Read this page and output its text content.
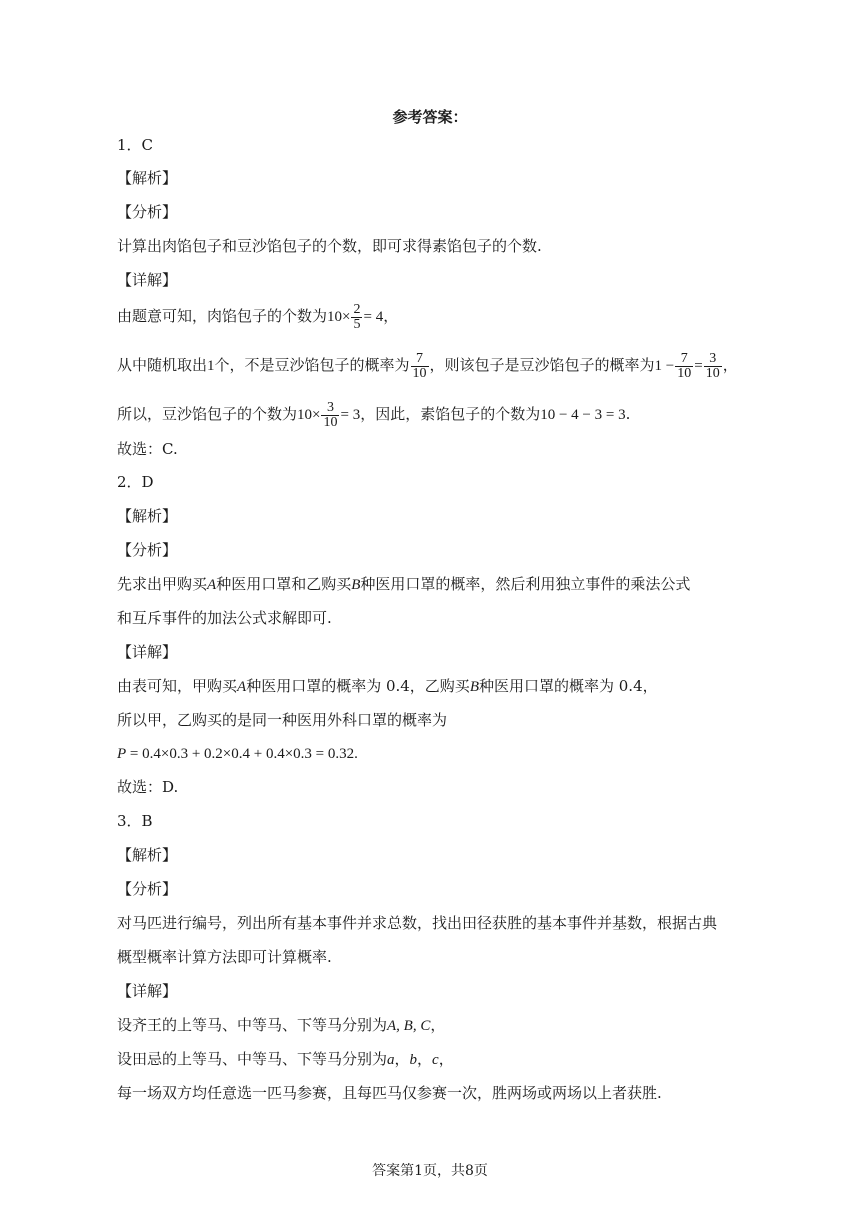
参考答案：
1．C
【解析】
【分析】
计算出肉馅包子和豆沙馅包子的个数，即可求得素馅包子的个数.
【详解】
由题意可知，肉馅包子的个数为$10\times \frac{2}{5} = 4$，
从中随机取出1个，不是豆沙馅包子的概率为 $\frac{7}{10}$ ，则该包子是豆沙馅包子的概率为$1 - \frac{7}{10} = \frac{3}{10}$ ，
所以，豆沙馅包子的个数为$10\times \frac{3}{10} = 3$，因此，素馅包子的个数为10 − 4 − 3 = 3.
故选：C.
2．D
【解析】
【分析】
先求出甲购买A种医用口罩和乙购买B种医用口罩的概率，然后利用独立事件的乘法公式
和互斥事件的加法公式求解即可.
【详解】
由表可知，甲购买A种医用口罩的概率为 0.4，乙购买B种医用口罩的概率为 0.4，
所以甲，乙购买的是同一种医用外科口罩的概率为
P = 0.4×0.3 + 0.2×0.4 + 0.4×0.3 = 0.32.
故选：D.
3．B
【解析】
【分析】
对马匹进行编号，列出所有基本事件并求总数，找出田径获胜的基本事件并基数，根据古典
概型概率计算方法即可计算概率.
【详解】
设齐王的上等马、中等马、下等马分别为A, B, C，
设田忌的上等马、中等马、下等马分别为a，b，c，
每一场双方均任意选一匹马参赛，且每匹马仅参赛一次，胜两场或两场以上者获胜.
答案第1页，共8页
